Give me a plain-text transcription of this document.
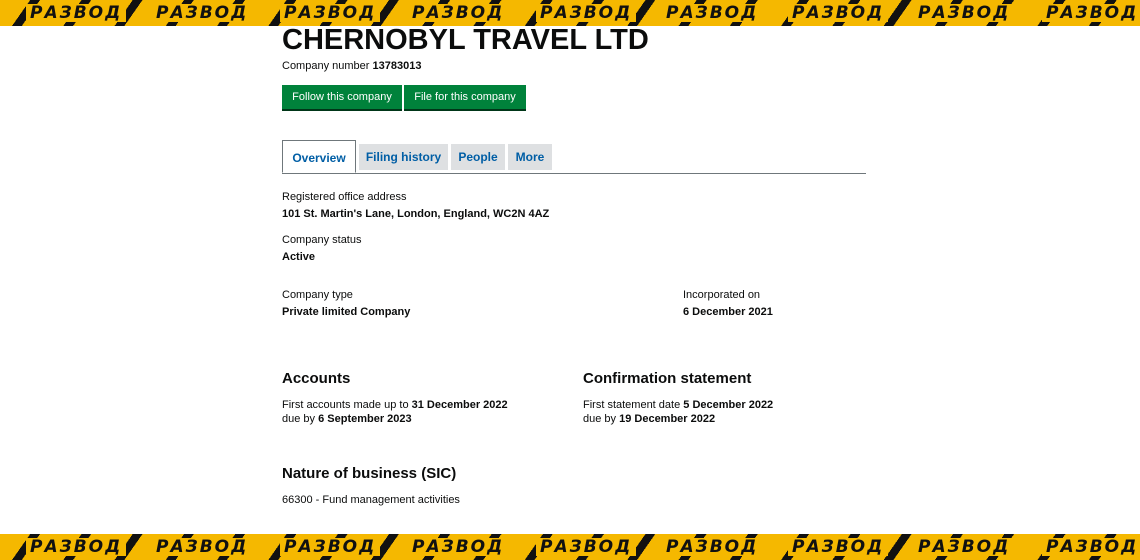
РАЗВОД РАЗВОД РАЗВОД РАЗВОД РАЗВОД РАЗВОД РАЗВОД РАЗВОД РАЗВОД
CHERNOBYL TRAVEL LTD
Company number 13783013
Follow this company	File for this company
Overview	Filing history	People	More
Registered office address
101 St. Martin's Lane, London, England, WC2N 4AZ
Company status
Active
Company type
Private limited Company
Incorporated on
6 December 2021
Accounts
First accounts made up to 31 December 2022
due by 6 September 2023
Confirmation statement
First statement date 5 December 2022
due by 19 December 2022
Nature of business (SIC)
66300 - Fund management activities
РАЗВОД РАЗВОД РАЗВОД РАЗВОД РАЗВОД РАЗВОД РАЗВОД РАЗВОД РАЗВОД
